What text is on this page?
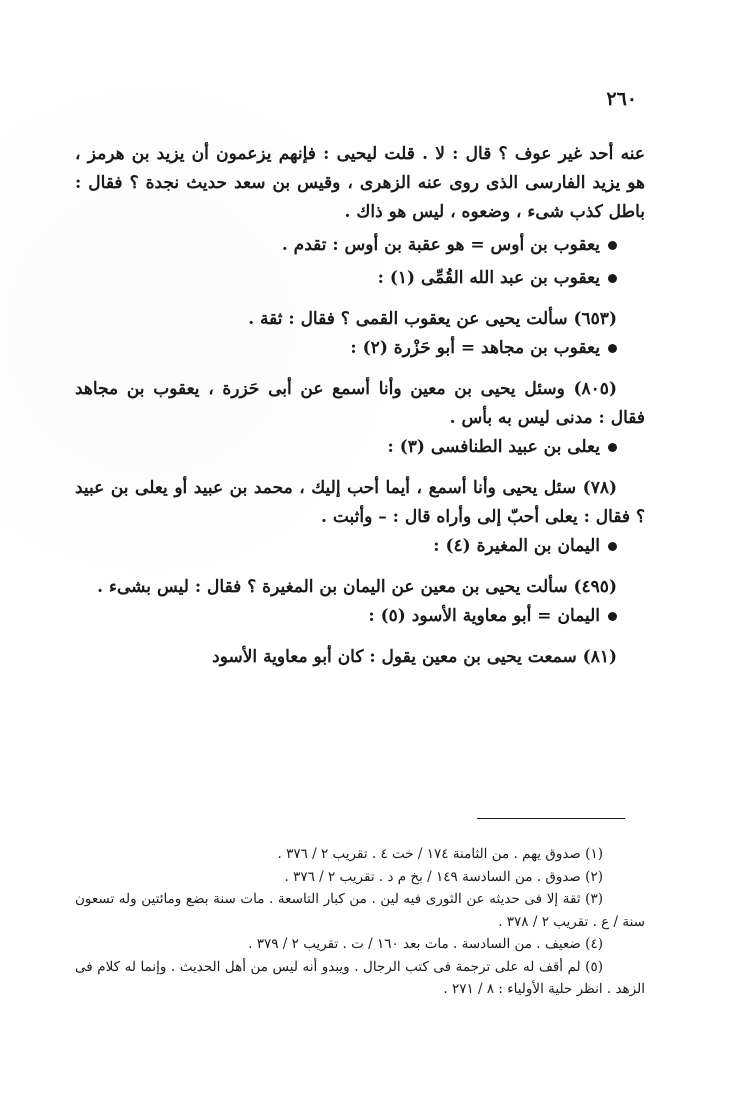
٢٦٠

عنه أحد غير عوف ؟ قال : لا . قلت ليحيى : فإنهم يزعمون أن يزيد بن هرمز ، هو يزيد الفارسى الذى روى عنه الزهرى ، وقيس بن سعد حديث نجدة ؟ فقال : باطل كذب شىء ، وضعوه ، ليس هو ذاك .

يعقوب بن أوس = هو عقبة بن أوس : تقدم .

يعقوب بن عبد الله القُمِّى (١) :

(٦٥٣) سألت يحيى عن يعقوب القمى ؟ فقال : ثقة .

يعقوب بن مجاهد = أبو حَزْرة (٢) :

(٨٠٥) وسئل يحيى بن معين وأنا أسمع عن أبى حَزرة ، يعقوب بن مجاهد فقال : مدنى ليس به بأس .

يعلى بن عبيد الطنافسى (٣) :

(٧٨) سئل يحيى وأنا أسمع ، أيما أحب إليك ، محمد بن عبيد أو يعلى بن عبيد ؟ فقال : يعلى أحبّ إلى وأراه قال : – وأثبت .

اليمان بن المغيرة (٤) :

(٤٩٥) سألت يحيى بن معين عن اليمان بن المغيرة ؟ فقال : ليس بشىء .

اليمان = أبو معاوية الأسود (٥) :

(٨١) سمعت يحيى بن معين يقول : كان أبو معاوية الأسود

(١) صدوق يهم . من الثامنة ١٧٤ / خت ٤ . تقريب ٢ / ٣٧٦ .

(٢) صدوق . من السادسة ١٤٩ / بخ م د . تقريب ٢ / ٣٧٦ .

(٣) ثقة إلا فى حديثه عن الثورى فيه لين . من كبار التاسعة . مات سنة بضع ومائتين وله تسعون سنة / ع . تقريب ٢ / ٣٧٨ .

(٤) ضعيف . من السادسة . مات بعد ١٦٠ / ت . تقريب ٢ / ٣٧٩ .

(٥) لم أقف له على ترجمة فى كتب الرجال . ويبدو أنه ليس من أهل الحديث . وإنما له كلام فى الزهد . انظر حلية الأولياء : ٨ / ٢٧١ .
